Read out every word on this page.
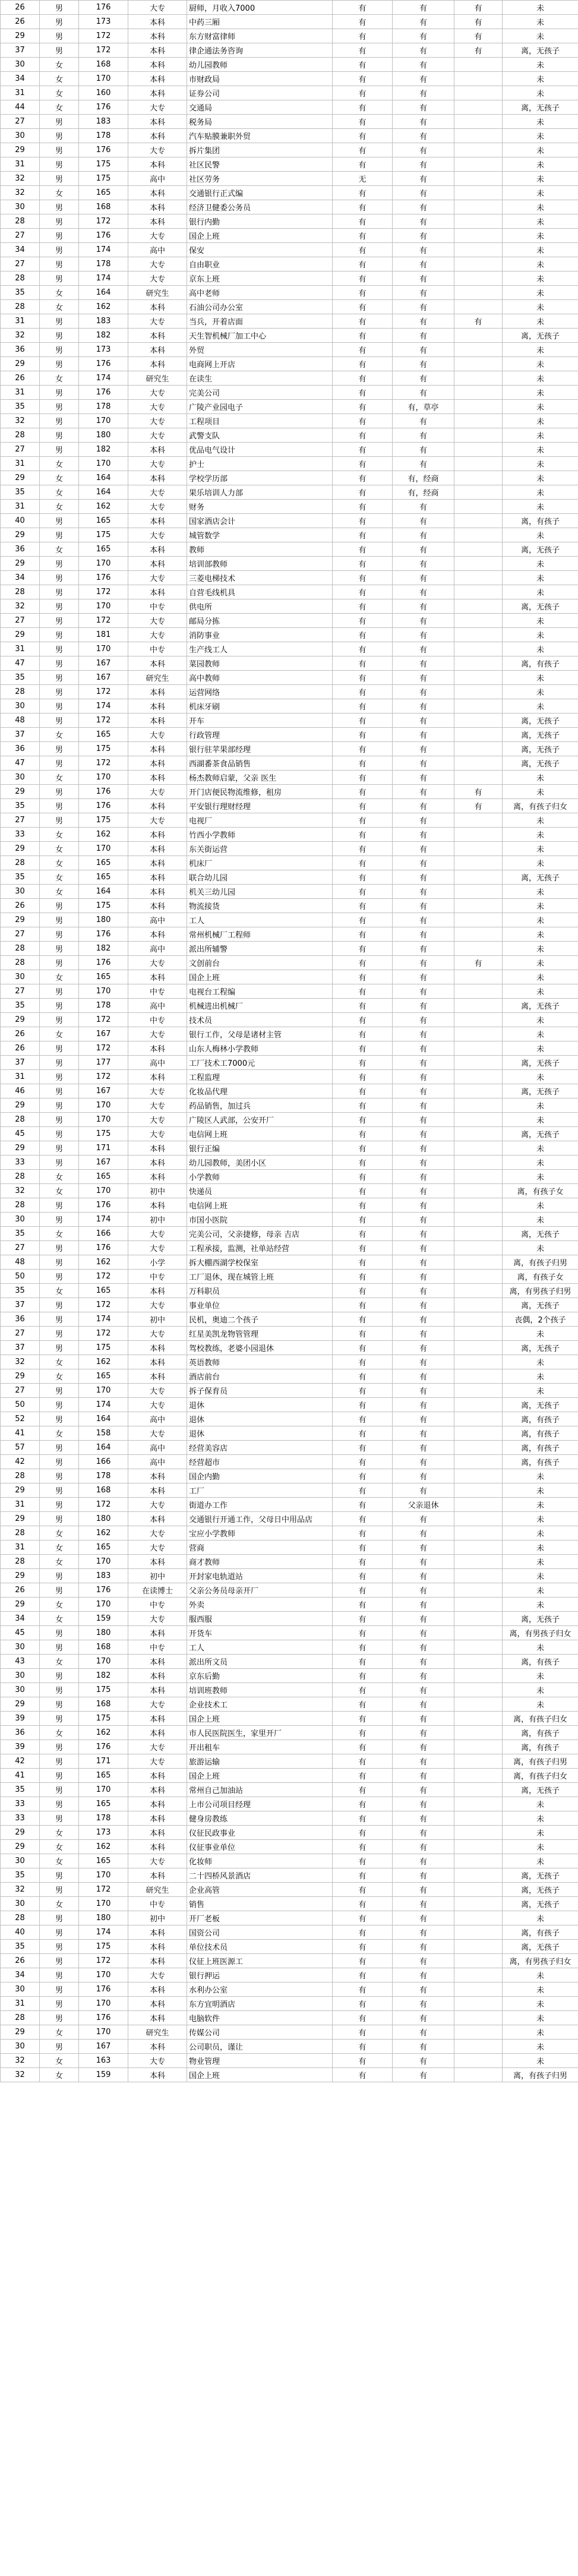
26	男	176	大专	厨师，月收入7000	有	有	有	未
26	男	173	本科	中药三厢	有	有	有	未
29	男	172	本科	东方财富律师	有	有	有	未
37	男	172	本科	律企通法务咨询	有	有	有	离，无孩子
30	女	168	本科	幼儿园教师	有	有		未
34	女	170	本科	市财政局	有	有		未
31	女	160	本科	证券公司	有	有		未
44	女	176	大专	交通局	有	有		离，无孩子
27	男	183	本科	税务局	有	有		未
30	男	178	本科	汽车贴膜兼职外贸	有	有		未
29	男	176	大专	拆片集团	有	有		未
31	男	175	本科	社区民警	有	有		未
32	男	175	高中	社区劳务	无	有		未
32	女	165	本科	交通银行正式编	有	有		未
30	男	168	本科	经济卫健委公务员	有	有		未
28	男	172	本科	银行内勤	有	有		未
27	男	176	大专	国企上班	有	有		未
34	男	174	高中	保安	有	有		未
27	男	178	大专	自由职业	有	有		未
28	男	174	大专	京东上班	有	有		未
35	女	164	研究生	高中老师	有	有		未
28	女	162	本科	石油公司办公室	有	有		未
31	男	183	大专	当兵，开着店面	有	有	有	未
32	男	182	本科	天生智机械厂加工中心	有	有		离，无孩子
36	男	173	本科	外贸	有	有		未
29	男	176	本科	电商网上开店	有	有		未
26	女	174	研究生	在读生	有	有		未
31	男	176	大专	完美公司	有	有		未
35	男	178	大专	广陵产业园电子	有	有，草亭		未
32	男	170	大专	工程项目	有	有		未
28	男	180	大专	武警支队	有	有		未
27	男	182	本科	优品电气设计	有	有		未
31	女	170	大专	护士	有	有		未
29	女	164	本科	学校学历部	有	有，经商		未
35	女	164	大专	果乐培训人力部	有	有，经商		未
31	女	162	大专	财务	有	有		未
40	男	165	本科	国家酒店会计	有	有		离，有孩子
29	男	175	大专	城管数学	有	有		未
36	女	165	本科	教师	有	有		离，无孩子
29	男	170	本科	培训部教师	有	有		未
34	男	176	大专	三菱电梯技术	有	有		未
28	男	172	本科	自营毛线机具	有	有		未
32	男	170	中专	供电所	有	有		离，无孩子
27	男	172	大专	邮局分拣	有	有		未
29	男	181	大专	消防事业	有	有		未
31	男	170	中专	生产线工人	有	有		未
47	男	167	本科	菜园教师	有	有		离，有孩子
35	男	167	研究生	高中教师	有	有		未
28	男	172	本科	运营网络	有	有		未
30	男	174	本科	机床牙刷	有	有		未
48	男	172	本科	开车	有	有		离，无孩子
37	女	165	大专	行政管理	有	有		离，无孩子
36	男	175	本科	银行驻苹果部经理	有	有		离，无孩子
47	男	172	本科	西湖番茶食品销售	有	有		离，无孩子
30	女	170	本科	杨杰教师启蒙，父亲 医生	有	有		未
29	男	176	大专	开门店便民物流维修，租房	有	有	有	未
35	男	176	本科	平安银行理财经理	有	有	有	离，有孩子归女
27	男	175	大专	电视厂	有	有		未
33	女	162	本科	竹西小学教师	有	有		未
29	女	170	本科	东关街运营	有	有		未
28	女	165	本科	机床厂	有	有		未
35	女	165	本科	联合幼儿园	有	有		离，无孩子
30	女	164	本科	机关三幼儿园	有	有		未
26	男	175	本科	物流接货	有	有		未
29	男	180	高中	工人	有	有		未
27	男	176	本科	常州机械厂工程师	有	有		未
28	男	182	高中	派出所辅警	有	有		未
28	男	176	大专	文创前台	有	有	有	未
30	女	165	本科	国企上班	有	有		未
27	男	170	中专	电视台工程编	有	有		未
35	男	178	高中	机械进出机械厂	有	有		离，无孩子
29	男	172	中专	技术员	有	有		未
26	女	167	大专	银行工作，父母是诸材主管	有	有		未
26	男	172	本科	山东人梅林小学教师	有	有		未
37	男	177	高中	工厂技术工7000元	有	有		离，无孩子
31	男	172	本科	工程监理	有	有		未
46	男	167	大专	化妆品代理	有	有		离，无孩子
29	男	170	大专	药品销售，加过兵	有	有		未
28	男	170	大专	广陵区人武部，公安开厂	有	有		未
45	男	175	大专	电信网上班	有	有		离，无孩子
29	男	171	本科	银行正编	有	有		未
33	男	167	本科	幼儿园教师，美团小区	有	有		未
28	女	165	本科	小学教师	有	有		未
32	女	170	初中	快递员	有	有		离，有孩子女
28	男	176	本科	电信网上班	有	有		未
30	男	174	初中	市国小医院	有	有		未
35	女	166	大专	完美公司，父亲捷修，母亲 吉店	有	有		离，无孩子
27	男	176	大专	工程承接，监测，社单站经营	有	有		未
48	男	162	小学	拆大棚西湖学校保室	有	有		离，有孩子归男
50	男	172	中专	工厂退休，现在城管上班	有	有		离，有孩子女
35	女	165	本科	万科职员	有	有		离，有男孩子归男
37	男	172	大专	事业单位	有	有		离，无孩子
36	男	174	初中	民机，奥迪二个孩子	有	有		丧偶，2个孩子
27	男	172	大专	红星美凯龙物管管理	有	有		未
37	男	175	本科	驾校教练，老婆小园退休	有	有		离，无孩子
32	女	162	本科	英语教师	有	有		未
29	女	165	本科	酒店前台	有	有		未
27	男	170	大专	拆子保育员	有	有		未
50	男	174	大专	退休	有	有		离，无孩子
52	男	164	高中	退休	有	有		离，有孩子
41	女	158	大专	退休	有	有		离，有孩子
57	男	164	高中	经营美容店	有	有		离，有孩子
42	男	166	高中	经营超市	有	有		离，有孩子
28	男	178	本科	国企内勤	有	有		未
29	男	168	本科	工厂	有	有		未
31	男	172	大专	街道办工作	有	父亲退休		未
29	男	180	本科	交通银行开通工作，父母日中用品店	有	有		未
28	女	162	大专	宝应小学教师	有	有		未
31	女	165	大专	营商	有	有		未
28	女	170	本科	商才教师	有	有		未
29	男	183	初中	开封家电轨道站	有	有		未
26	男	176	在读博士	父亲公务员母亲开厂	有	有		未
29	女	170	中专	外卖	有	有		未
34	女	159	大专	服西服	有	有		离，无孩子
45	男	180	本科	开货车	有	有		离，有男孩子归女
30	男	168	中专	工人	有	有		未
43	女	170	本科	派出所文员	有	有		离，有孩子
30	男	182	本科	京东后勤	有	有		未
30	男	175	本科	培训班教师	有	有		未
29	男	168	大专	企业技术工	有	有		未
39	男	175	本科	国企上班	有	有		离，有孩子归女
36	女	162	本科	市人民医院医生，家里开厂	有	有		离，有孩子
39	男	176	大专	开出租车	有	有		离，有孩子
42	男	171	大专	旅游运输	有	有		离，有孩子归男
41	男	165	本科	国企上班	有	有		离，有孩子归女
35	男	170	本科	常州自己加油站	有	有		离，无孩子
33	男	165	本科	上市公司项目经理	有	有		未
33	男	178	本科	健身房教练	有	有		未
29	女	173	本科	仪征民政事业	有	有		未
29	女	162	本科	仪征事业单位	有	有		未
30	女	165	大专	化妆师	有	有		未
35	男	170	本科	二十四桥风景酒店	有	有		离，无孩子
32	男	172	研究生	企业高管	有	有		离，无孩子
30	女	170	中专	销售	有	有		离，无孩子
28	男	180	初中	开厂老板	有	有		未
40	男	174	本科	国资公司	有	有		离，有孩子
35	男	175	本科	单位技术员	有	有		离，无孩子
26	男	172	本科	仪征上班医源工	有	有		离，有男孩子归女
34	男	170	大专	银行押运	有	有		未
30	男	176	本科	水利办公室	有	有		未
31	男	170	本科	东方宜明酒店	有	有		未
28	男	176	本科	电脑软件	有	有		未
29	女	170	研究生	传媒公司	有	有		未
30	男	167	本科	公司职员，谨让	有	有		未
32	女	163	大专	物业管理	有	有		未
32	女	159	本科	国企上班	有	有		离，有孩子归男
